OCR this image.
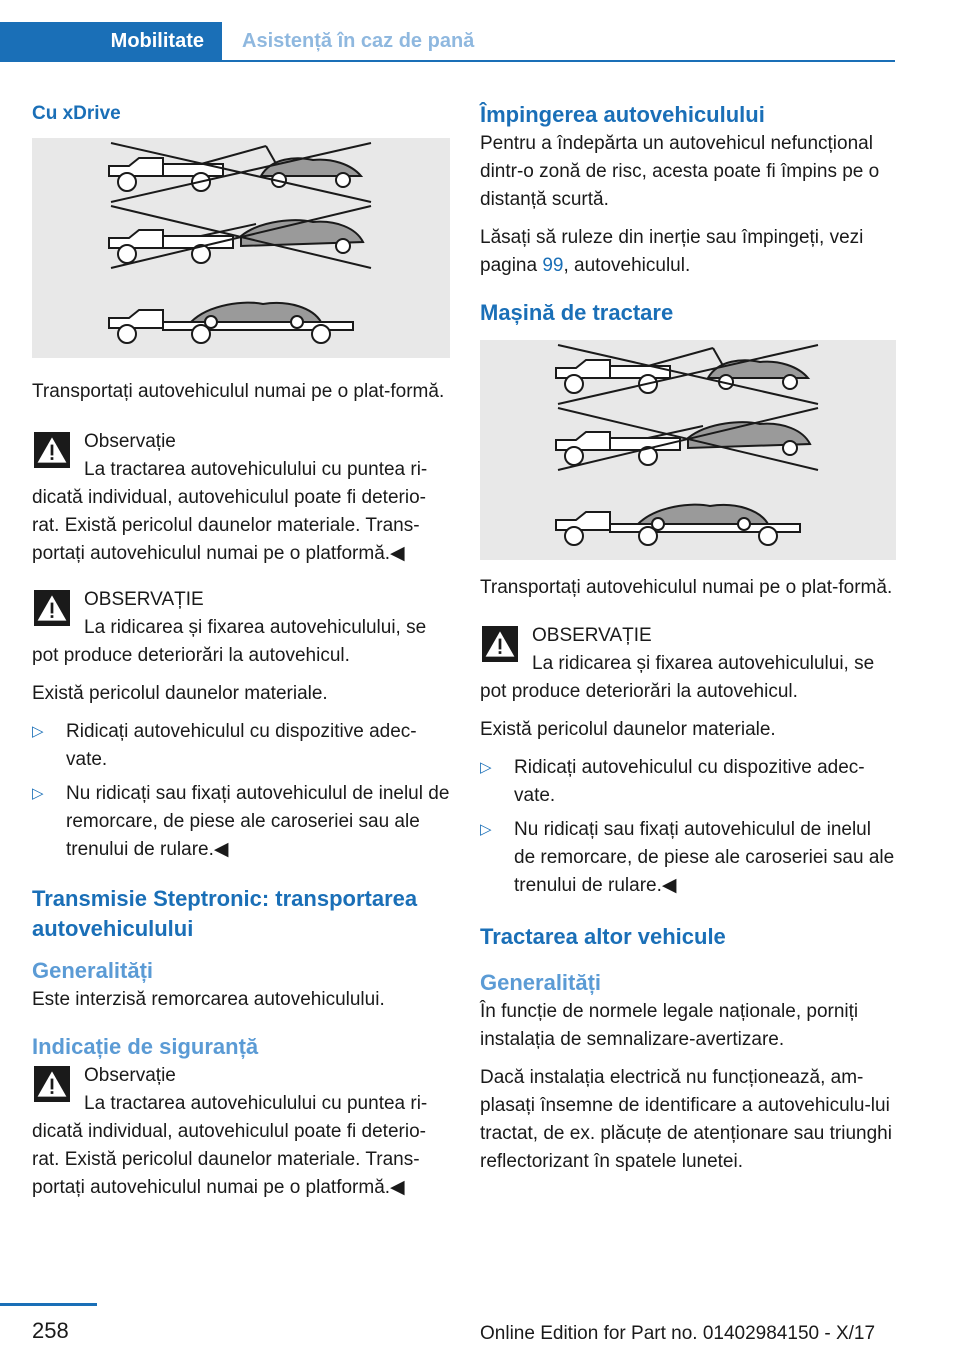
Mobilitate Asistență în caz de pană
Cu xDrive

Transportați autovehiculul numai pe o plat‐formă.

Observație

La tractarea autovehiculului cu puntea ri‐dicată individual, autovehiculul poate fi deterio‐rat. Există pericolul daunelor materiale. Trans‐portați autovehiculul numai pe o platformă.◀

OBSERVAȚIE

La ridicarea și fixarea autovehiculului, se pot produce deteriorări la autovehicul.

Există pericolul daunelor materiale.

▷ Ridicați autovehiculul cu dispozitive adec‐vate.
▷ Nu ridicați sau fixați autovehiculul de inelul de remorcare, de piese ale caroseriei sau ale trenului de rulare.◀
Transmisie Steptronic: transportarea autovehiculului
Generalități

Este interzisă remorcarea autovehiculului.

Indicație de siguranță

Observație

La tractarea autovehiculului cu puntea ri‐dicată individual, autovehiculul poate fi deterio‐rat. Există pericolul daunelor materiale. Trans‐portați autovehiculul numai pe o platformă.◀

Împingerea autovehiculului

Pentru a îndepărta un autovehicul nefuncțional dintr-o zonă de risc, acesta poate fi împins pe o distanță scurtă.

Lăsați să ruleze din inerție sau împingeți, vezi pagina 99, autovehiculul.

Mașină de tractare

Transportați autovehiculul numai pe o plat‐formă.

OBSERVAȚIE

La ridicarea și fixarea autovehiculului, se pot produce deteriorări la autovehicul.

Există pericolul daunelor materiale.

▷ Ridicați autovehiculul cu dispozitive adec‐vate.
▷ Nu ridicați sau fixați autovehiculul de inelul de remorcare, de piese ale caroseriei sau ale trenului de rulare.◀
Tractarea altor vehicule
Generalități

În funcție de normele legale naționale, porniți instalația de semnalizare-avertizare.

Dacă instalația electrică nu funcționează, am‐plasați însemne de identificare a autovehiculu‐lui tractat, de ex. plăcuțe de atenționare sau triunghi reflectorizant în spatele lunetei.

258	Online Edition for Part no. 01402984150 - X/17
